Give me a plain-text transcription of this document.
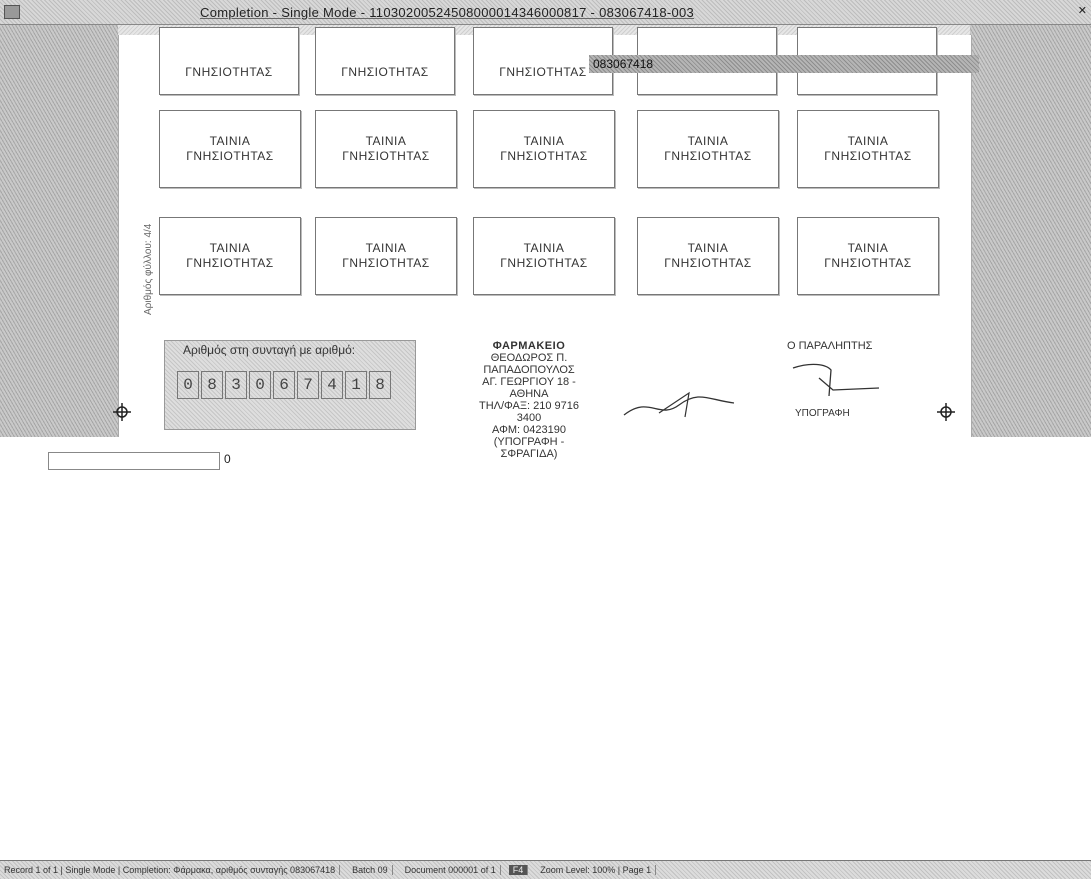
Completion - Single Mode - 11030200524508000014346000817 - 083067418-003	✕
ΓΝΗΣΙΟΤΗΤΑΣ	ΓΝΗΣΙΟΤΗΤΑΣ	ΓΝΗΣΙΟΤΗΤΑΣ
083067418
ΤΑΙΝΙΑ
ΓΝΗΣΙΟΤΗΤΑΣ
ΤΑΙΝΙΑ
ΓΝΗΣΙΟΤΗΤΑΣ
ΤΑΙΝΙΑ
ΓΝΗΣΙΟΤΗΤΑΣ
ΤΑΙΝΙΑ
ΓΝΗΣΙΟΤΗΤΑΣ
ΤΑΙΝΙΑ
ΓΝΗΣΙΟΤΗΤΑΣ
ΤΑΙΝΙΑ
ΓΝΗΣΙΟΤΗΤΑΣ
ΤΑΙΝΙΑ
ΓΝΗΣΙΟΤΗΤΑΣ
ΤΑΙΝΙΑ
ΓΝΗΣΙΟΤΗΤΑΣ
ΤΑΙΝΙΑ
ΓΝΗΣΙΟΤΗΤΑΣ
ΤΑΙΝΙΑ
ΓΝΗΣΙΟΤΗΤΑΣ
Αριθμός φύλλου: 4/4
Αριθμός στη συνταγή με αριθμό:
0 8 3 0 6 7 4 1 8
ΦΑΡΜΑΚΕΙΟ
ΘΕΟΔΩΡΟΣ Π. ΠΑΠΑΔΟΠΟΥΛΟΣ
ΑΓ. ΓΕΩΡΓΙΟΥ 18 - ΑΘΗΝΑ
ΤΗΛ/ΦΑΞ: 210 9716 3400
ΑΦΜ: 0423190
(ΥΠΟΓΡΑΦΗ - ΣΦΡΑΓΙΔΑ)
Ο ΠΑΡΑΛΗΠΤΗΣ
ΥΠΟΓΡΑΦΗ
0
Record 1 of 1 | Single Mode | Completion: Φάρμακα, αριθμός συνταγής 083067418	Batch 09	Document 000001 of 1	F4	Zoom Level: 100% | Page 1
